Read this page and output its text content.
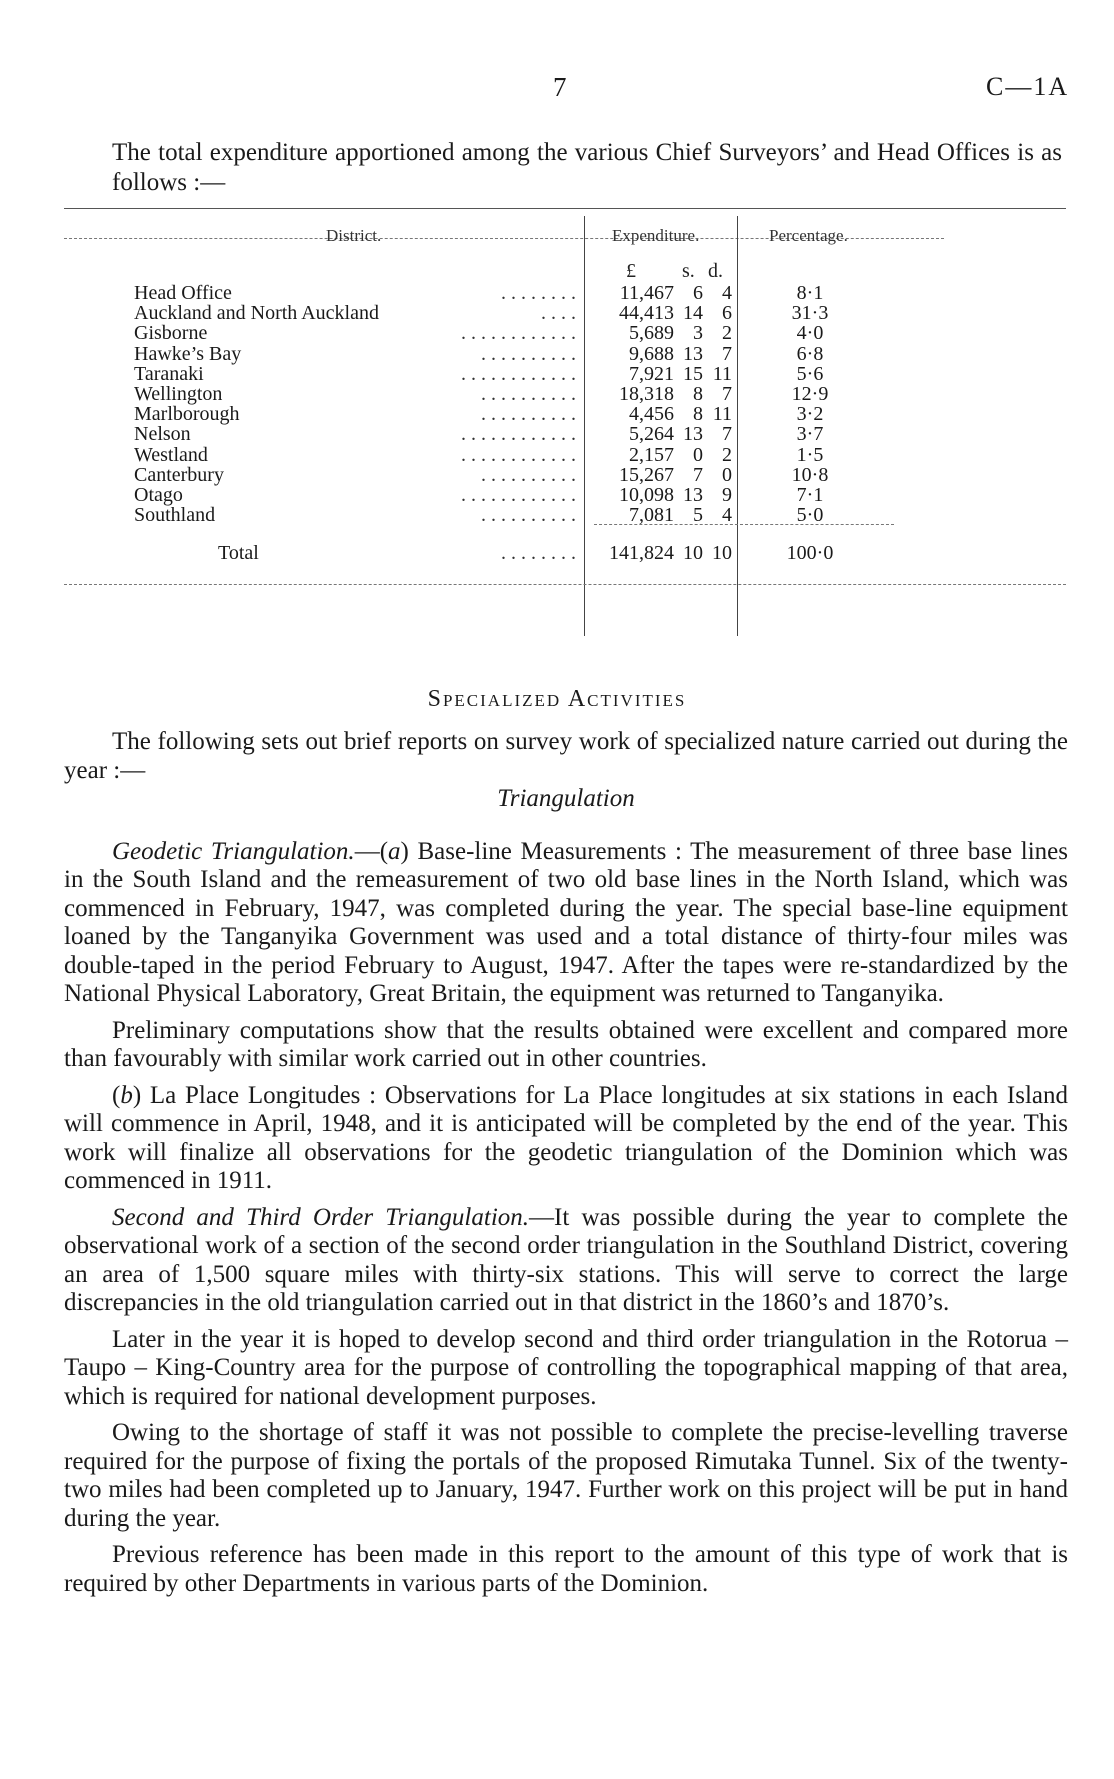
7	C—1A
The total expenditure apportioned among the various Chief Surveyors’ and Head Offices is as follows :—
District.	Expenditure.	Percentage.
£ s. d.
Head Office	. . . . . . . .	11,467 6 4	8·1
Auckland and North Auckland	. . . .	44,413 14 6	31·3
Gisborne	. . . . . . . . . . . .	5,689 3 2	4·0
Hawke’s Bay	. . . . . . . . . .	9,688 13 7	6·8
Taranaki	. . . . . . . . . . . .	7,921 15 11	5·6
Wellington	. . . . . . . . . .	18,318 8 7	12·9
Marlborough	. . . . . . . . . .	4,456 8 11	3·2
Nelson	. . . . . . . . . . . .	5,264 13 7	3·7
Westland	. . . . . . . . . . . .	2,157 0 2	1·5
Canterbury	. . . . . . . . . .	15,267 7 0	10·8
Otago	. . . . . . . . . . . .	10,098 13 9	7·1
Southland	. . . . . . . . . .	7,081 5 4	5·0
Total	. . . . . . . .	141,824 10 10	100·0
Specialized Activities

The following sets out brief reports on survey work of specialized nature carried out during the year :—

Triangulation

Geodetic Triangulation.—(a) Base-line Measurements : The measurement of three base lines in the South Island and the remeasurement of two old base lines in the North Island, which was commenced in February, 1947, was completed during the year. The special base-line equipment loaned by the Tanganyika Government was used and a total distance of thirty-four miles was double-taped in the period February to August, 1947. After the tapes were re-standardized by the National Physical Laboratory, Great Britain, the equipment was returned to Tanganyika.

Preliminary computations show that the results obtained were excellent and compared more than favourably with similar work carried out in other countries.

(b) La Place Longitudes : Observations for La Place longitudes at six stations in each Island will commence in April, 1948, and it is anticipated will be completed by the end of the year. This work will finalize all observations for the geodetic triangulation of the Dominion which was commenced in 1911.

Second and Third Order Triangulation.—It was possible during the year to complete the observational work of a section of the second order triangulation in the Southland District, covering an area of 1,500 square miles with thirty-six stations. This will serve to correct the large discrepancies in the old triangulation carried out in that district in the 1860’s and 1870’s.

Later in the year it is hoped to develop second and third order triangulation in the Rotorua – Taupo – King-Country area for the purpose of controlling the topographical mapping of that area, which is required for national development purposes.

Owing to the shortage of staff it was not possible to complete the precise-levelling traverse required for the purpose of fixing the portals of the proposed Rimutaka Tunnel. Six of the twenty-two miles had been completed up to January, 1947. Further work on this project will be put in hand during the year.

Previous reference has been made in this report to the amount of this type of work that is required by other Departments in various parts of the Dominion.
